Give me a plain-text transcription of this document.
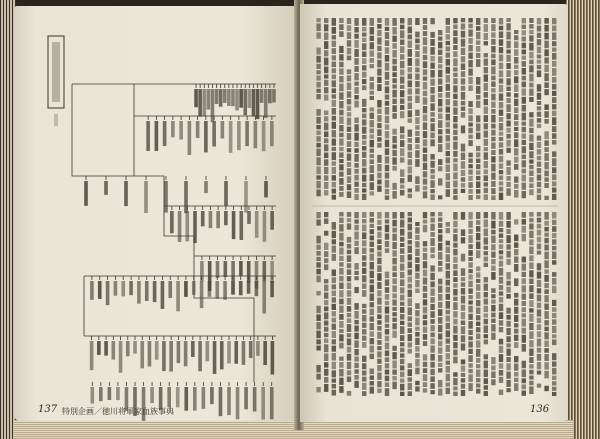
137 特別企画／徳川将軍家血族事典	136
